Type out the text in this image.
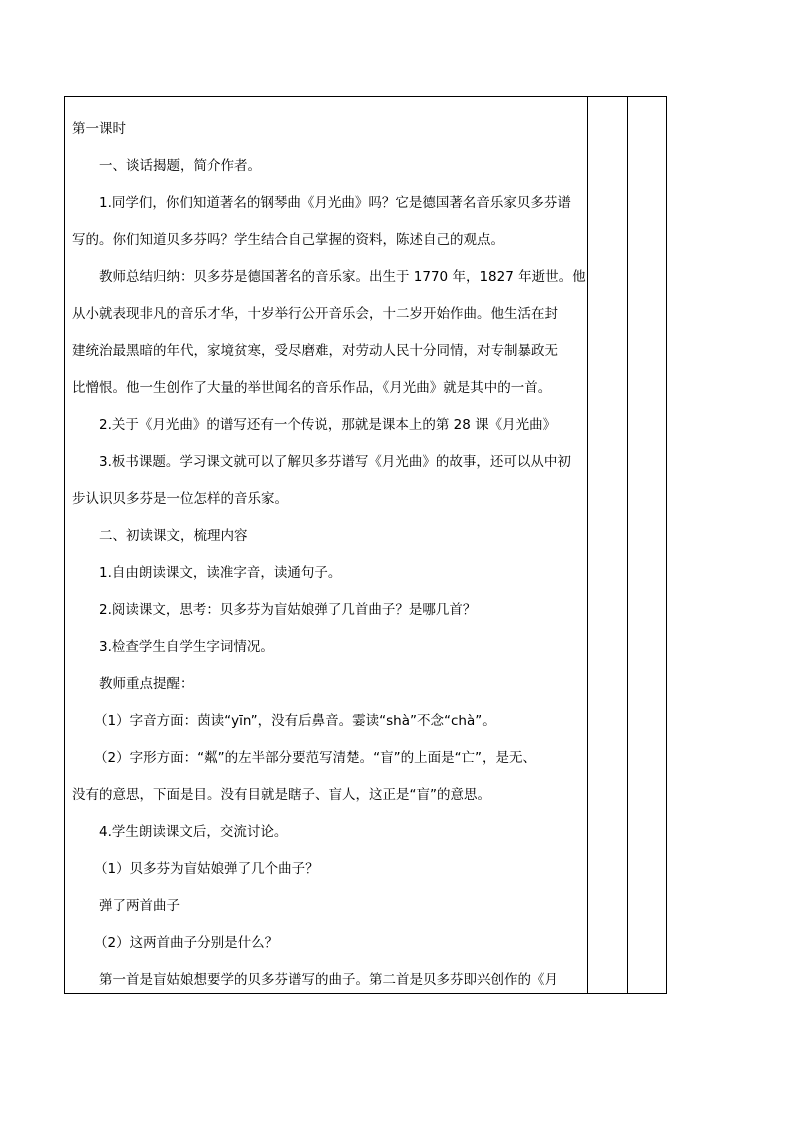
第一课时

一、谈话揭题，简介作者。

1.同学们，你们知道著名的钢琴曲《月光曲》吗？它是德国著名音乐家贝多芬谱

写的。你们知道贝多芬吗？学生结合自己掌握的资料，陈述自己的观点。

教师总结归纳：贝多芬是德国著名的音乐家。出生于 1770 年，1827 年逝世。他

从小就表现非凡的音乐才华，十岁举行公开音乐会，十二岁开始作曲。他生活在封

建统治最黑暗的年代，家境贫寒，受尽磨难，对劳动人民十分同情，对专制暴政无

比憎恨。他一生创作了大量的举世闻名的音乐作品，《月光曲》就是其中的一首。

2.关于《月光曲》的谱写还有一个传说，那就是课本上的第 28 课《月光曲》

3.板书课题。学习课文就可以了解贝多芬谱写《月光曲》的故事，还可以从中初

步认识贝多芬是一位怎样的音乐家。

二、初读课文，梳理内容

1.自由朗读课文，读准字音，读通句子。

2.阅读课文，思考：贝多芬为盲姑娘弹了几首曲子？是哪几首？

3.检查学生自学生字词情况。

教师重点提醒：

（1）字音方面：茵读“yīn”，没有后鼻音。霎读“shà”不念“chà”。

（2）字形方面：“粼”的左半部分要范写清楚。“盲”的上面是“亡”，是无、

没有的意思，下面是目。没有目就是瞎子、盲人，这正是“盲”的意思。

4.学生朗读课文后，交流讨论。

（1）贝多芬为盲姑娘弹了几个曲子？

弹了两首曲子

（2）这两首曲子分别是什么？

第一首是盲姑娘想要学的贝多芬谱写的曲子。第二首是贝多芬即兴创作的《月
